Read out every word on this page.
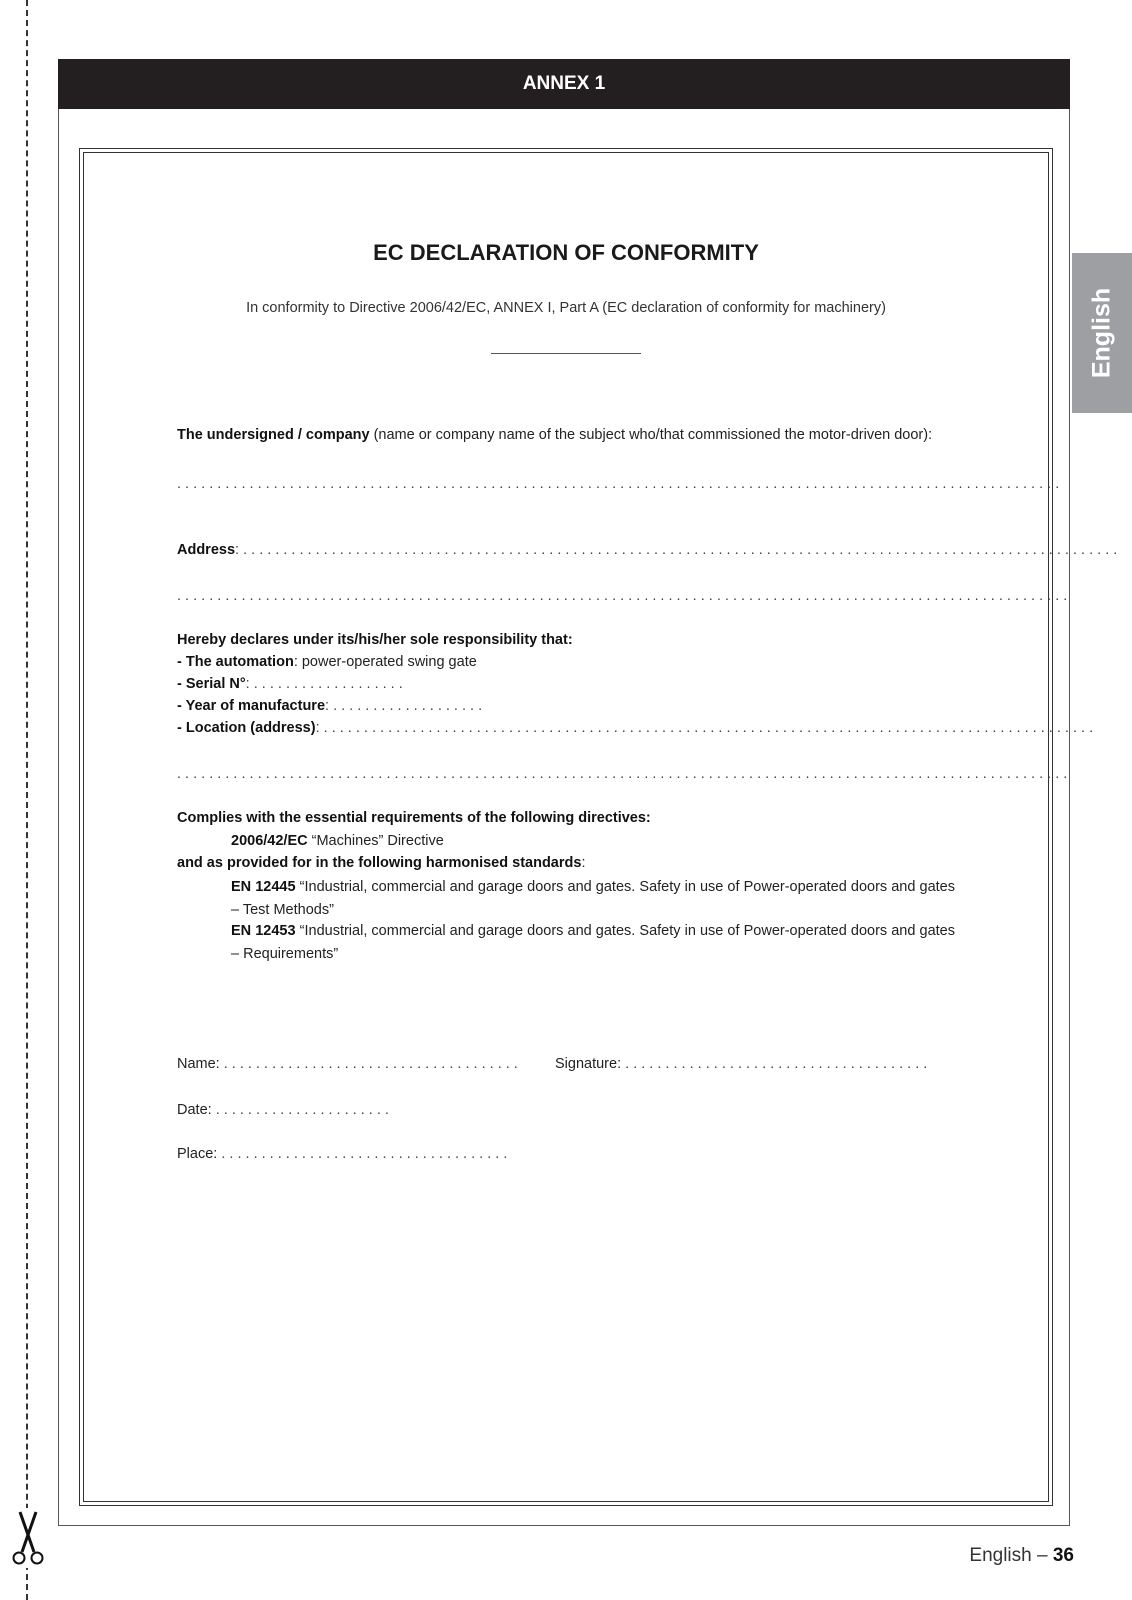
ANNEX 1
English
EC DECLARATION OF CONFORMITY
In conformity to Directive 2006/42/EC, ANNEX I, Part A (EC declaration of conformity for machinery)
The undersigned / company (name or company name of the subject who/that commissioned the motor-driven door):
. . . . . . . . . . . . . . . . . . . . . . . . . . . . . . . . . . . . . . . . . . . . . . . . . . . . . . . . . . . . . . . . . . . . . . . . . . . . . . . . . . . . . . . . . . . . . . . . . . . . . . . . . . . . . .
Address: . . . . . . . . . . . . . . . . . . . . . . . . . . . . . . . . . . . . . . . . . . . . . . . . . . . . . . . . . . . . . . . . . . . . . . . . . . . . . . . . . . . . . . . . . . . . . . . . . . . . . . . . . . . . .
. . . . . . . . . . . . . . . . . . . . . . . . . . . . . . . . . . . . . . . . . . . . . . . . . . . . . . . . . . . . . . . . . . . . . . . . . . . . . . . . . . . . . . . . . . . . . . . . . . . . . . . . . . . . . . .
Hereby declares under its/his/her sole responsibility that:
- The automation: power-operated swing gate
- Serial N°: . . . . . . . . . . . . . . . . . . .
- Year of manufacture: . . . . . . . . . . . . . . . . . . .
- Location (address): . . . . . . . . . . . . . . . . . . . . . . . . . . . . . . . . . . . . . . . . . . . . . . . . . . . . . . . . . . . . . . . . . . . . . . . . . . . . . . . . . . . . . . . . . . . . . . . .
. . . . . . . . . . . . . . . . . . . . . . . . . . . . . . . . . . . . . . . . . . . . . . . . . . . . . . . . . . . . . . . . . . . . . . . . . . . . . . . . . . . . . . . . . . . . . . . . . . . . . . . . . . . . . . .
Complies with the essential requirements of the following directives:
2006/42/EC “Machines” Directive
and as provided for in the following harmonised standards:
EN 12445 “Industrial, commercial and garage doors and gates. Safety in use of Power-operated doors and gates – Test Methods”
EN 12453 “Industrial, commercial and garage doors and gates. Safety in use of Power-operated doors and gates – Requirements”
Name: . . . . . . . . . . . . . . . . . . . . . . . . . . . . . . . . . . . . .	Signature: . . . . . . . . . . . . . . . . . . . . . . . . . . . . . . . . . . . . . .
Date: . . . . . . . . . . . . . . . . . . . . . .
Place: . . . . . . . . . . . . . . . . . . . . . . . . . . . . . . . . . . . .
English – 36
